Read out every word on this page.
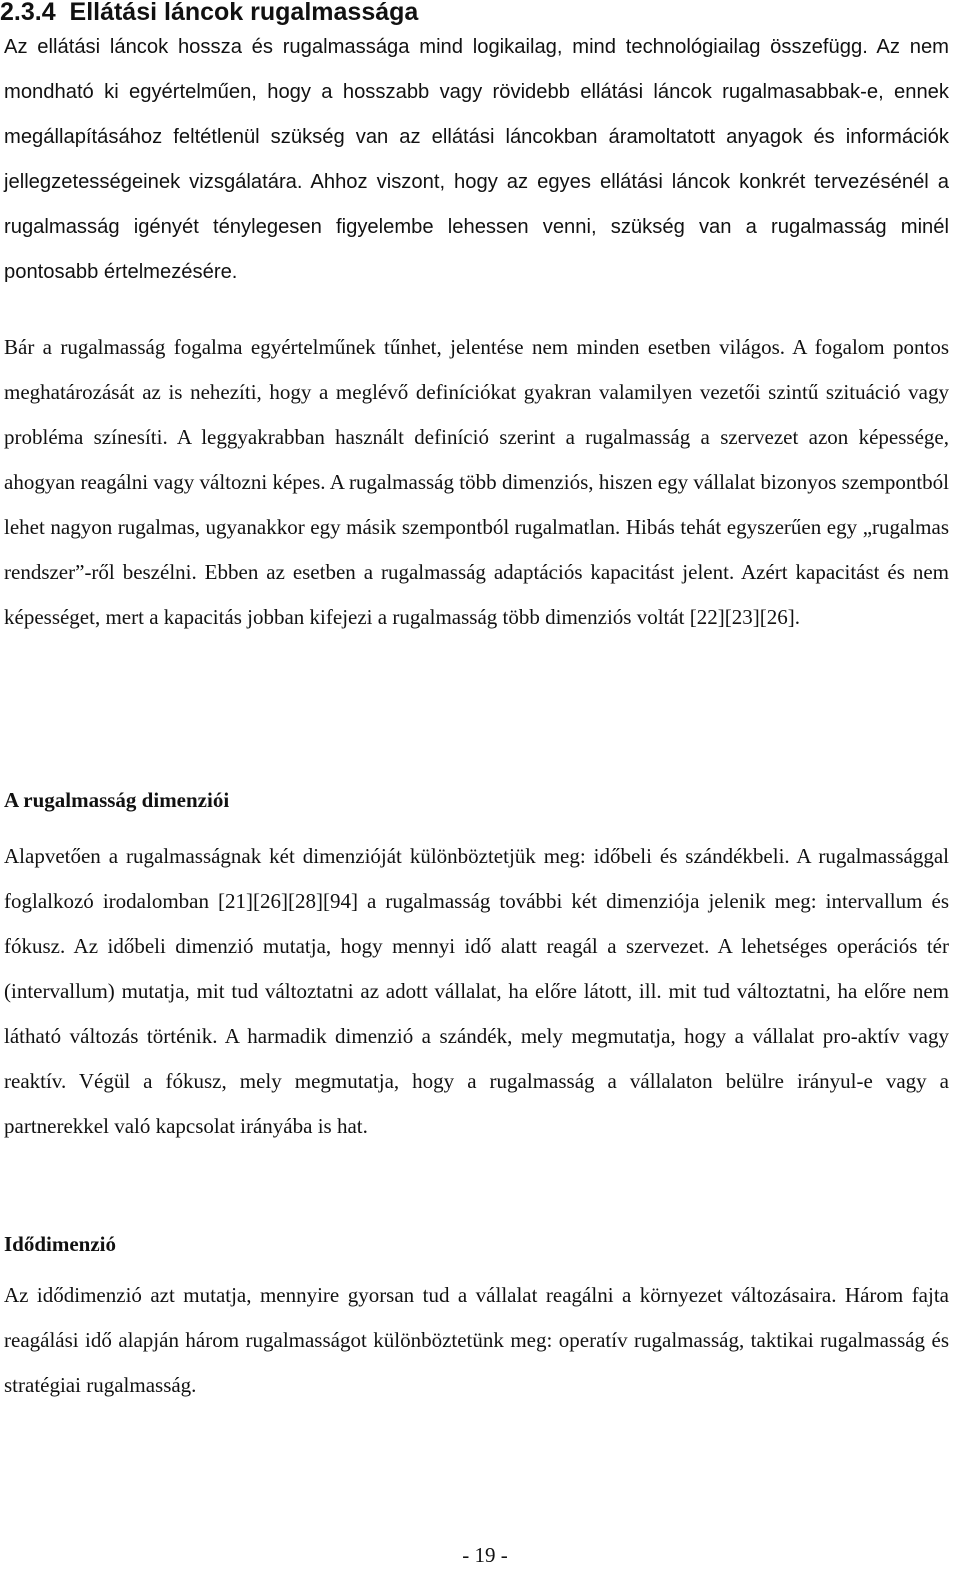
2.3.4 Ellátási láncok rugalmassága

Az ellátási láncok hossza és rugalmassága mind logikailag, mind technológiailag összefügg. Az nem mondható ki egyértelműen, hogy a hosszabb vagy rövidebb ellátási láncok rugalmasabbak-e, ennek megállapításához feltétlenül szükség van az ellátási láncokban áramoltatott anyagok és információk jellegzetességeinek vizsgálatára. Ahhoz viszont, hogy az egyes ellátási láncok konkrét tervezésénél a rugalmasság igényét ténylegesen figyelembe lehessen venni, szükség van a rugalmasság minél pontosabb értelmezésére.

Bár a rugalmasság fogalma egyértelműnek tűnhet, jelentése nem minden esetben világos. A fogalom pontos meghatározását az is nehezíti, hogy a meglévő definíciókat gyakran valamilyen vezetői szintű szituáció vagy probléma színesíti. A leggyakrabban használt definíció szerint a rugalmasság a szervezet azon képessége, ahogyan reagálni vagy változni képes. A rugalmasság több dimenziós, hiszen egy vállalat bizonyos szempontból lehet nagyon rugalmas, ugyanakkor egy másik szempontból rugalmatlan. Hibás tehát egyszerűen egy „rugalmas rendszer”-ről beszélni. Ebben az esetben a rugalmasság adaptációs kapacitást jelent. Azért kapacitást és nem képességet, mert a kapacitás jobban kifejezi a rugalmasság több dimenziós voltát [22][23][26].

A rugalmasság dimenziói

Alapvetően a rugalmasságnak két dimenzióját különböztetjük meg: időbeli és szándékbeli. A rugalmassággal foglalkozó irodalomban [21][26][28][94] a rugalmasság további két dimenziója jelenik meg: intervallum és fókusz. Az időbeli dimenzió mutatja, hogy mennyi idő alatt reagál a szervezet. A lehetséges operációs tér (intervallum) mutatja, mit tud változtatni az adott vállalat, ha előre látott, ill. mit tud változtatni, ha előre nem látható változás történik. A harmadik dimenzió a szándék, mely megmutatja, hogy a vállalat pro-aktív vagy reaktív. Végül a fókusz, mely megmutatja, hogy a rugalmasság a vállalaton belülre irányul-e vagy a partnerekkel való kapcsolat irányába is hat.

Idődimenzió

Az idődimenzió azt mutatja, mennyire gyorsan tud a vállalat reagálni a környezet változásaira. Három fajta reagálási idő alapján három rugalmasságot különböztetünk meg: operatív rugalmasság, taktikai rugalmasság és stratégiai rugalmasság.

- 19 -
